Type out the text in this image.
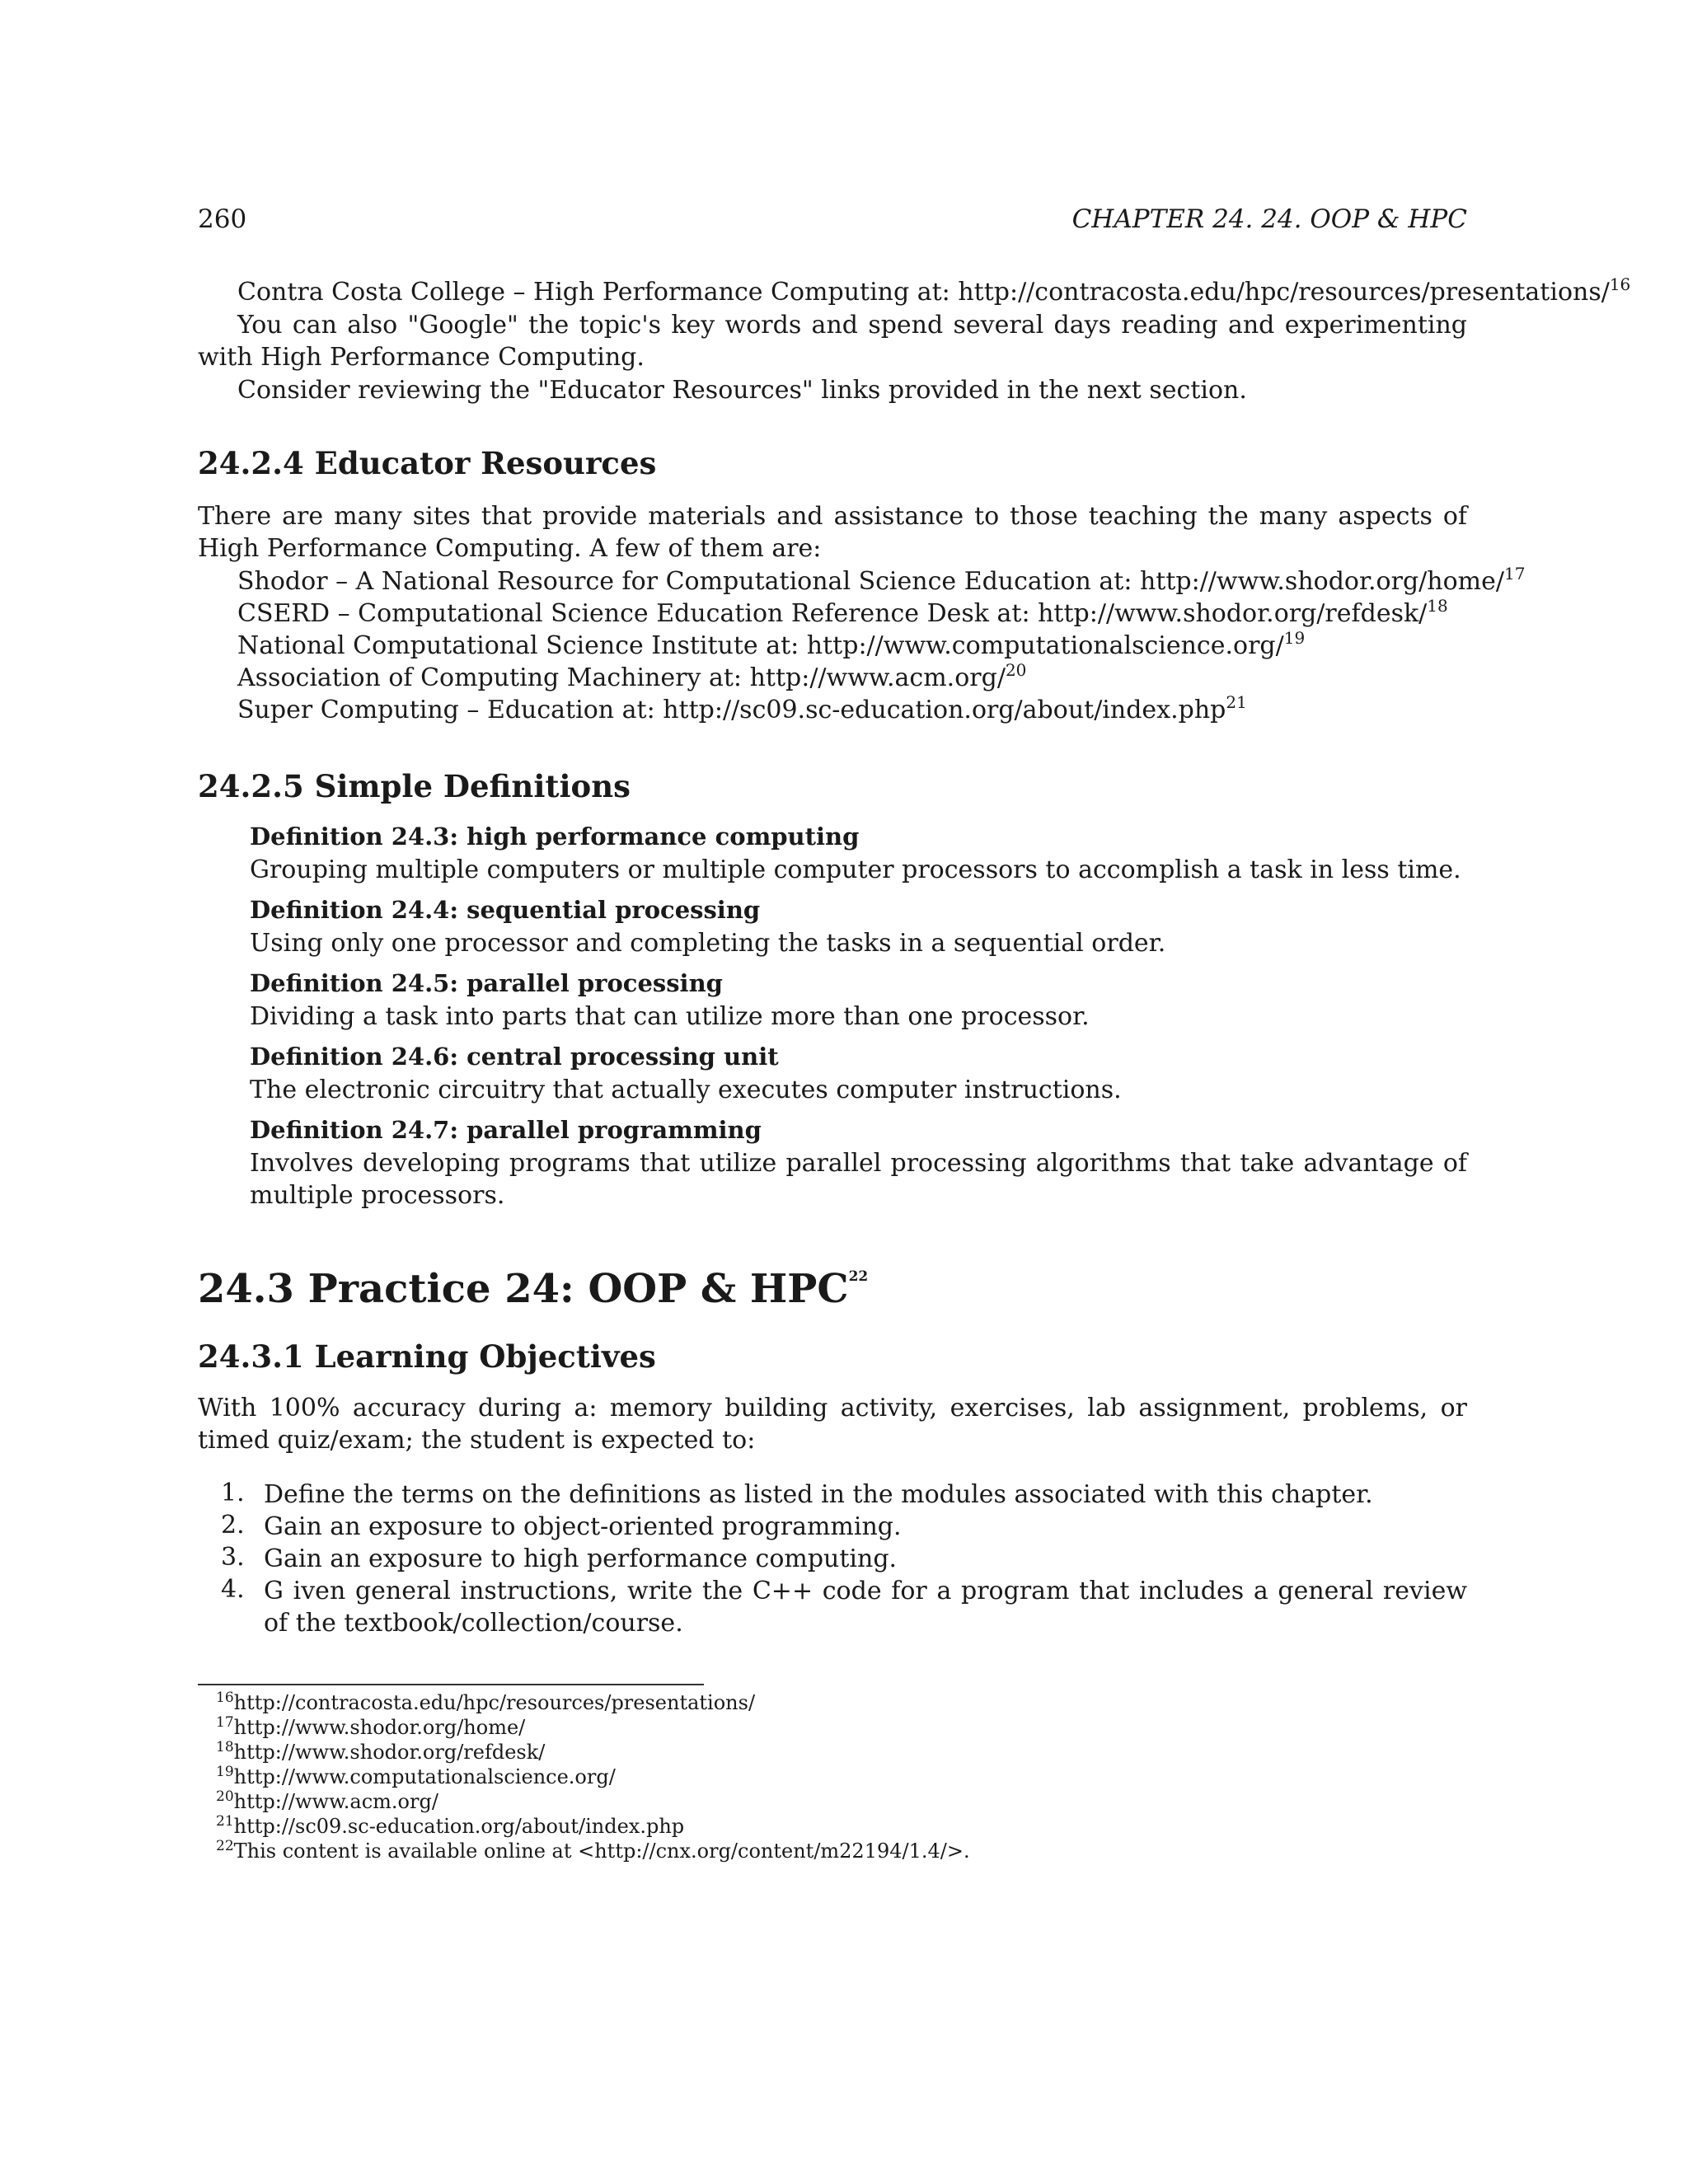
260	CHAPTER 24. 24. OOP & HPC
Contra Costa College – High Performance Computing at: http://contracosta.edu/hpc/resources/presentations/$^{16}$
You can also "Google" the topic's key words and spend several days reading and experimenting with High Performance Computing.
Consider reviewing the "Educator Resources" links provided in the next section.
24.2.4 Educator Resources
There are many sites that provide materials and assistance to those teaching the many aspects of High Performance Computing. A few of them are:
Shodor – A National Resource for Computational Science Education at: http://www.shodor.org/home/$^{17}$
CSERD – Computational Science Education Reference Desk at: http://www.shodor.org/refdesk/$^{18}$
National Computational Science Institute at: http://www.computationalscience.org/$^{19}$
Association of Computing Machinery at: http://www.acm.org/$^{20}$
Super Computing – Education at: http://sc09.sc-education.org/about/index.php$^{21}$
24.2.5 Simple Definitions
Definition 24.3: high performance computing
Grouping multiple computers or multiple computer processors to accomplish a task in less time.
Definition 24.4: sequential processing
Using only one processor and completing the tasks in a sequential order.
Definition 24.5: parallel processing
Dividing a task into parts that can utilize more than one processor.
Definition 24.6: central processing unit
The electronic circuitry that actually executes computer instructions.
Definition 24.7: parallel programming
Involves developing programs that utilize parallel processing algorithms that take advantage of multiple processors.
24.3 Practice 24: OOP & HPC$^{22}$
24.3.1 Learning Objectives
With 100% accuracy during a: memory building activity, exercises, lab assignment, problems, or timed quiz/exam; the student is expected to:
1. Define the terms on the definitions as listed in the modules associated with this chapter.
2. Gain an exposure to object-oriented programming.
3. Gain an exposure to high performance computing.
4. G iven general instructions, write the C++ code for a program that includes a general review of the textbook/collection/course.
$^{16}$http://contracosta.edu/hpc/resources/presentations/
$^{17}$http://www.shodor.org/home/
$^{18}$http://www.shodor.org/refdesk/
$^{19}$http://www.computationalscience.org/
$^{20}$http://www.acm.org/
$^{21}$http://sc09.sc-education.org/about/index.php
$^{22}$This content is available online at <http://cnx.org/content/m22194/1.4/>.
